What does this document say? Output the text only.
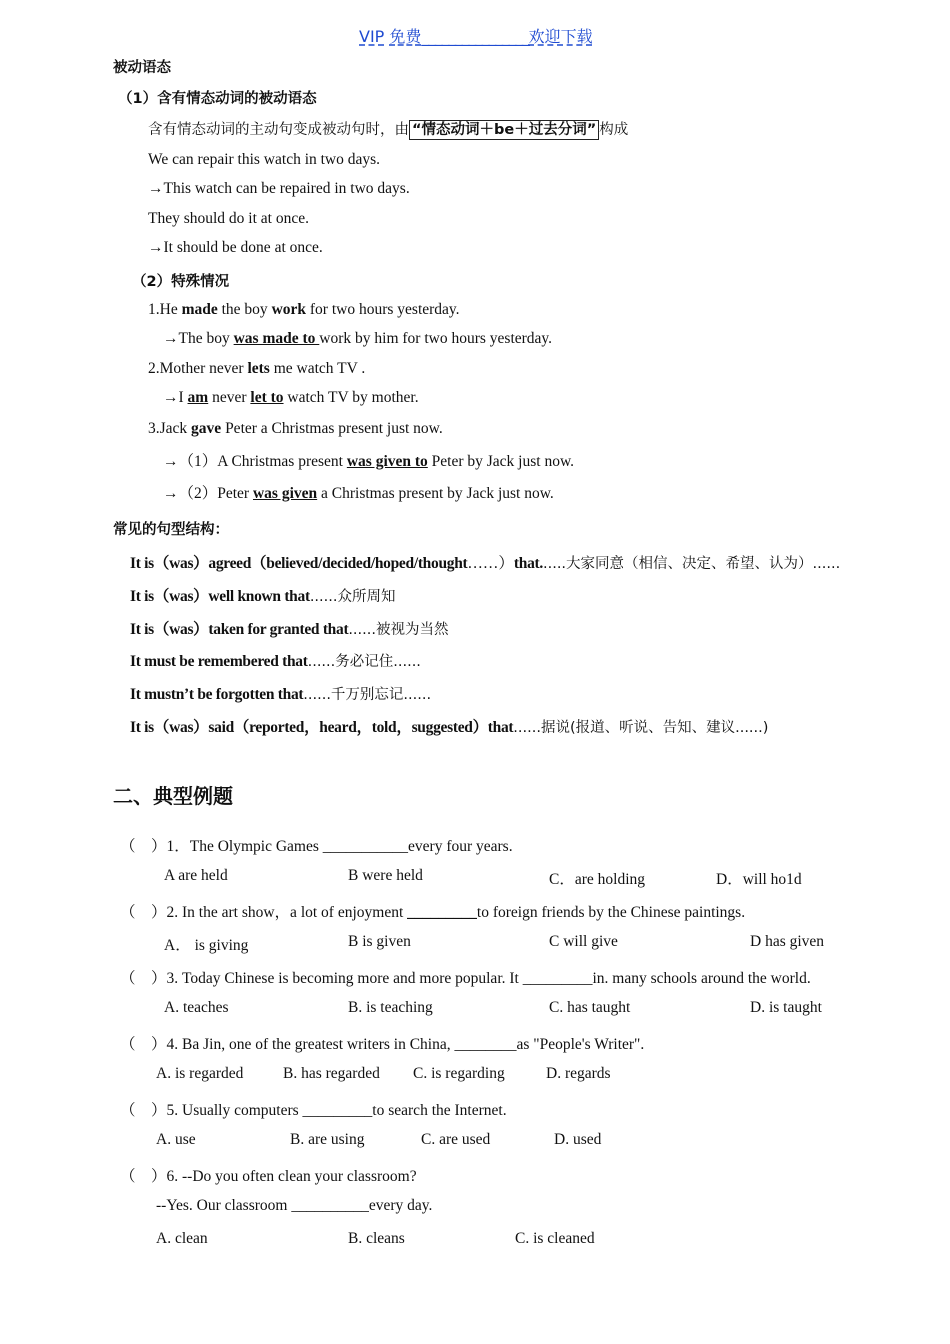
VIP 免费________________欢迎下载
被动语态
（1）含有情态动词的被动语态
含有情态动词的主动句变成被动句时，由 “情态动词＋be＋过去分词” 构成
We can repair this watch in two days.
→This watch can be repaired in two days.
They should do it at once.
→It should be done at once.
（2）特殊情况
1.He made the boy work for two hours yesterday.
→The boy was made to work by him for two hours yesterday.
2.Mother never lets me watch TV .
→I am never let to watch TV by mother.
3.Jack gave Peter a Christmas present just now.
→（1）A Christmas present was given to Peter by Jack just now.
→（2）Peter was given a Christmas present by Jack just now.
常见的句型结构：
It is（was）agreed（believed/decided/hoped/thought……）that......大家同意（相信、决定、希望、认为）......
It is（was）well known that......众所周知
It is（was）taken for granted that......被视为当然
It must be remembered that......务必记住......
It mustn’t be forgotten that......千万别忘记......
It is（was）said（reported，heard，told，suggested）that......据说(报道、听说、告知、建议......)
二、典型例题
（　）1．The Olympic Games ___________every four years.
A are held	B were held	C．are holding	D．will ho1d
（　）2. In the art show，a lot of enjoyment _________to foreign friends by the Chinese paintings.
A． is giving	B is given	C will give	D has given
（　）3. Today Chinese is becoming more and more popular. It _________in. many schools around the world.
A. teaches	B. is teaching	C. has taught	D. is taught
（　）4. Ba Jin, one of the greatest writers in China, ________as "People's Writer".
A. is regarded	B. has regarded C. is regarding	D. regards
（　）5. Usually computers _________to search the Internet.
A. use	B. are using	C. are used	D. used
（　）6. --Do you often clean your classroom?
--Yes. Our classroom __________every day.
A. clean	B. cleans	C. is cleaned
